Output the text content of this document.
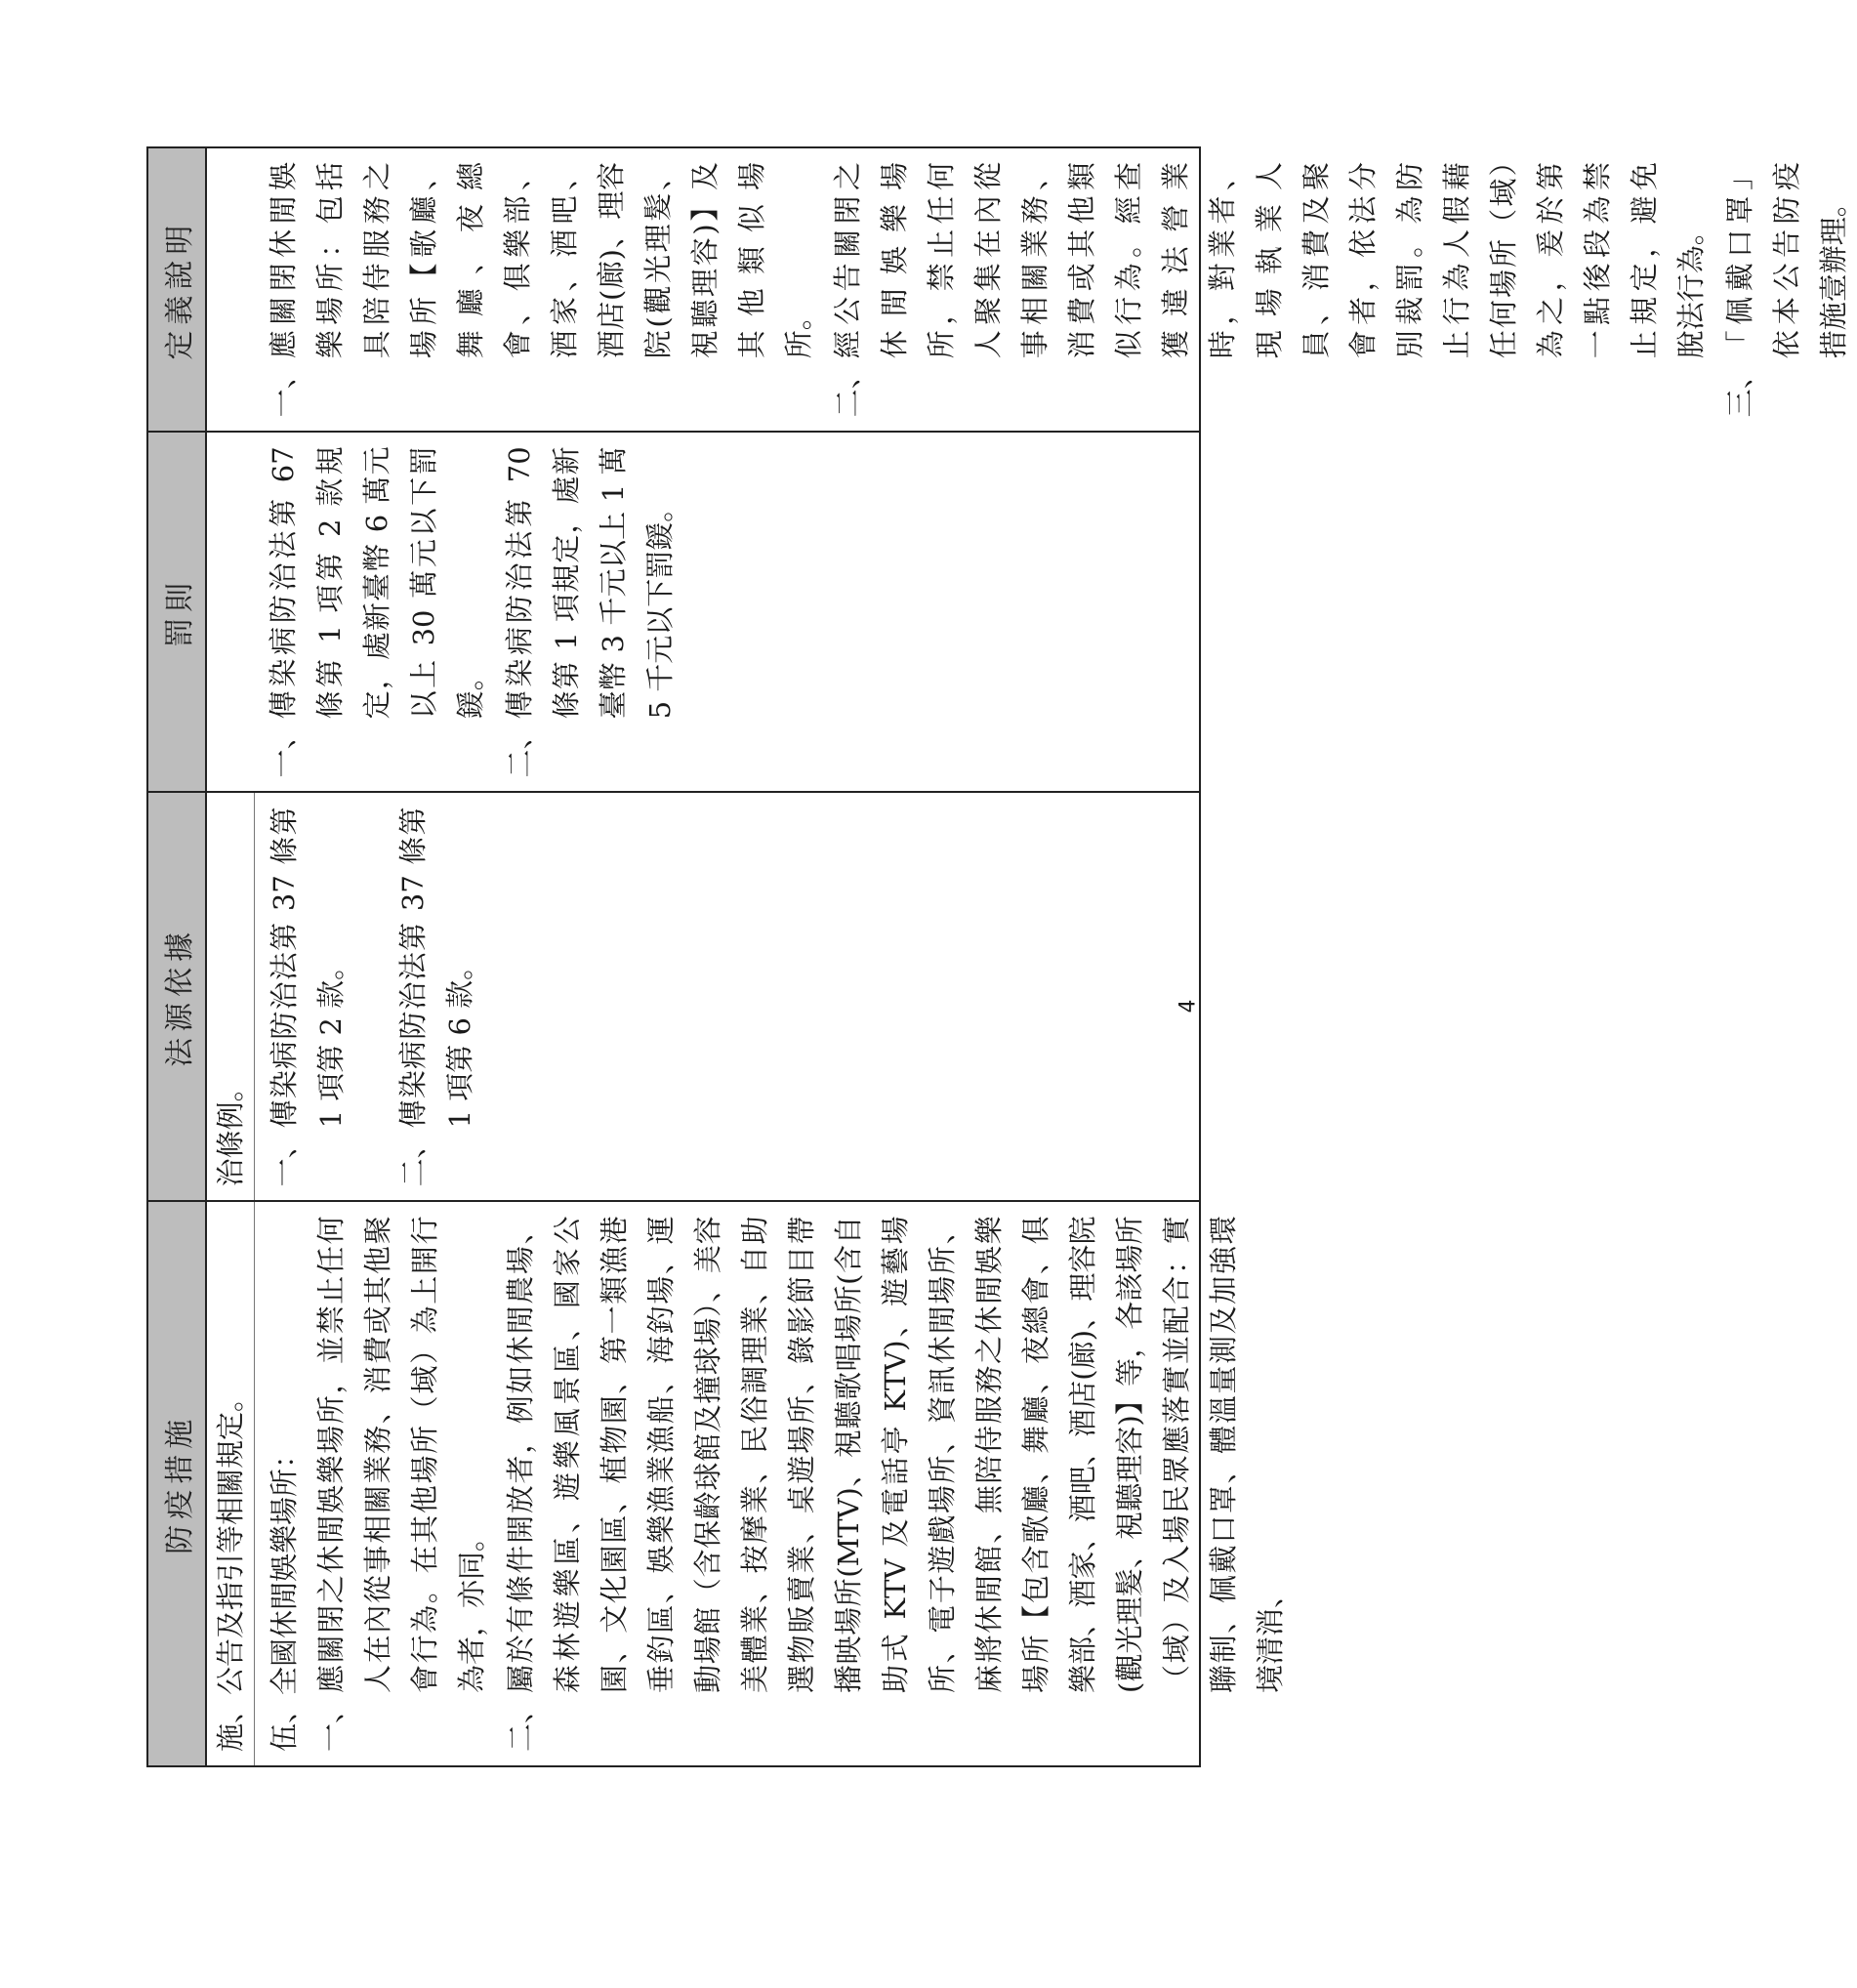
防疫措施
法源依據
罰則
定義說明
施、公告及指引等相關規定。 伍、全國休閒娛樂場所： 一、
應關閉之休閒娛樂場所，並禁止任何人在內從事相關業務、消費或其他聚會行為。在其他場所（域）為上開行為者，亦同。
二、
屬於有條件開放者，例如休閒農場、森林遊樂區、遊樂風景區、國家公園、文化園區、植物園、第一類漁港垂釣區、娛樂漁業漁船、海釣場、運動場館（含保齡球館及撞球場）、美容美體業、按摩業、民俗調理業、自助選物販賣業、桌遊場所、錄影節目帶播映場所(MTV)、視聽歌唱場所(含自助式 KTV 及電話亭 KTV)、遊藝場所、電子遊戲場所、資訊休閒場所、麻將休閒館、無陪侍服務之休閒娛樂場所【包含歌廳、舞廳、夜總會、俱樂部、酒家、酒吧、酒店(廊)、理容院(觀光理髮、視聽理容)】等，各該場所（域）及入場民眾應落實並配合：實聯制、佩戴口罩、體溫量測及加強環境清消、
治條例。 一、
傳染病防治法第 37 條第 1 項第 2 款。
二、
傳染病防治法第 37 條第 1 項第 6 款。
一、
傳染病防治法第 67 條第 1 項第 2 款規定，處新臺幣 6 萬元以上 30 萬元以下罰鍰。
二、
傳染病防治法第 70 條第 1 項規定，處新臺幣 3 千元以上 1 萬 5 千元以下罰鍰。
一、
應關閉休閒娛樂場所：包括具陪侍服務之場所【歌廳、舞廳、夜總會、俱樂部、酒家、酒吧、酒店(廊)、理容院(觀光理髮、視聽理容)】及其他類似場所。
二、
經公告關閉之休閒娛樂場所，禁止任何人聚集在內從事相關業務、消費或其他類似行為。經查獲違法營業時，對業者、現場執業人員、消費及聚會者，依法分別裁罰。為防止行為人假藉任何場所（域）為之，爰於第一點後段為禁止規定，避免脫法行為。
三、
「佩戴口罩」依本公告防疫措施壹辦理。
4
